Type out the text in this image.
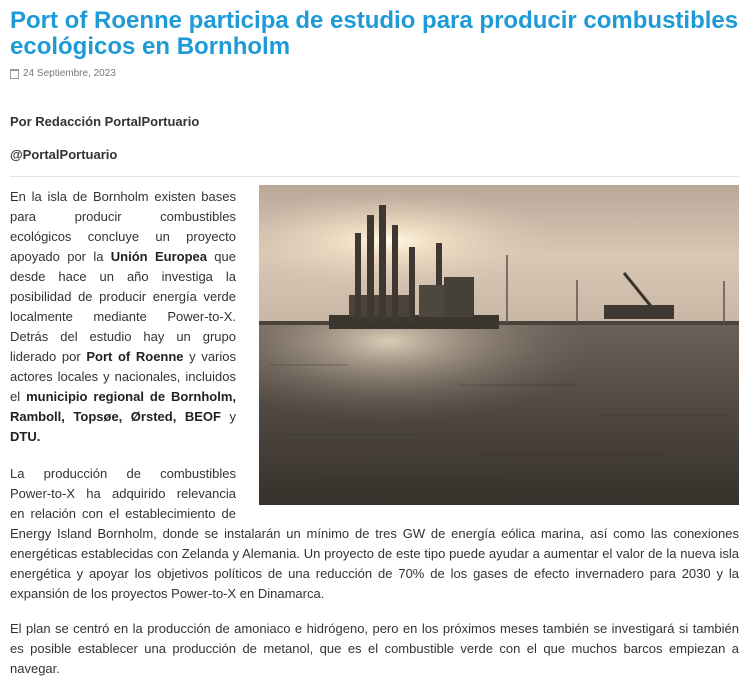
Port of Roenne participa de estudio para producir combustibles ecológicos en Bornholm
24 Septiembre, 2023
Por Redacción PortalPortuario
@PortalPortuario
En la isla de Bornholm existen bases
para producir combustibles
ecológicos concluye un proyecto
apoyado por la Unión Europea que
desde hace un año investiga la
posibilidad de producir energía verde
localmente mediante Power-to-X.
Detrás del estudio hay un grupo
liderado por Port of Roenne y varios
actores locales y nacionales, incluidos
el municipio regional de Bornholm,
Ramboll, Topsøe, Ørsted, BEOF y
DTU.
La producción de combustibles
Power-to-X ha adquirido relevancia
en relación con el establecimiento de
Energy Island Bornholm, donde se instalarán un mínimo de tres GW de energía eólica marina, así como las conexiones energéticas establecidas con Zelanda y Alemania. Un proyecto de este tipo puede ayudar a aumentar el valor de la nueva isla energética y apoyar los objetivos políticos de una reducción de 70% de los gases de efecto invernadero para 2030 y la expansión de los proyectos Power-to-X en Dinamarca.
El plan se centró en la producción de amoniaco e hidrógeno, pero en los próximos meses también se investigará si también es posible establecer una producción de metanol, que es el combustible verde con el que muchos barcos empiezan a navegar.
